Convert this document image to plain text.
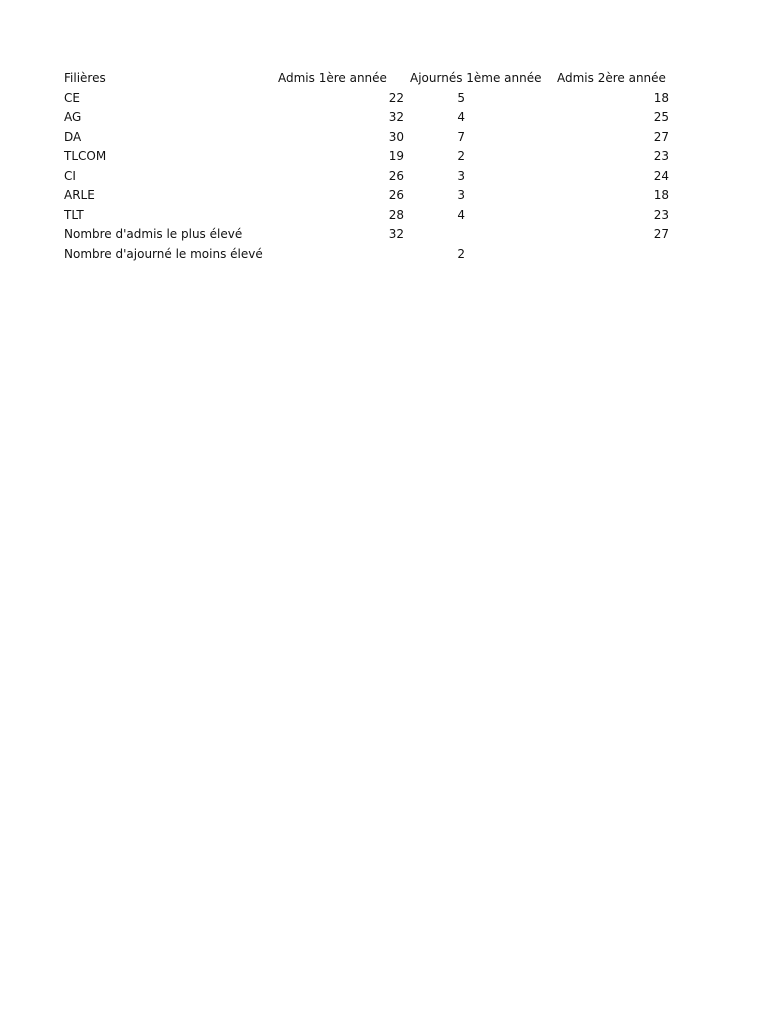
Filières	Admis 1ère année	Ajournés 1ème année	Admis 2ère année
CE	22	5	18
AG	32	4	25
DA	30	7	27
TLCOM	19	2	23
CI	26	3	24
ARLE	26	3	18
TLT	28	4	23
Nombre d'admis le plus élevé	32		27
Nombre d'ajourné le moins élevé		2	
